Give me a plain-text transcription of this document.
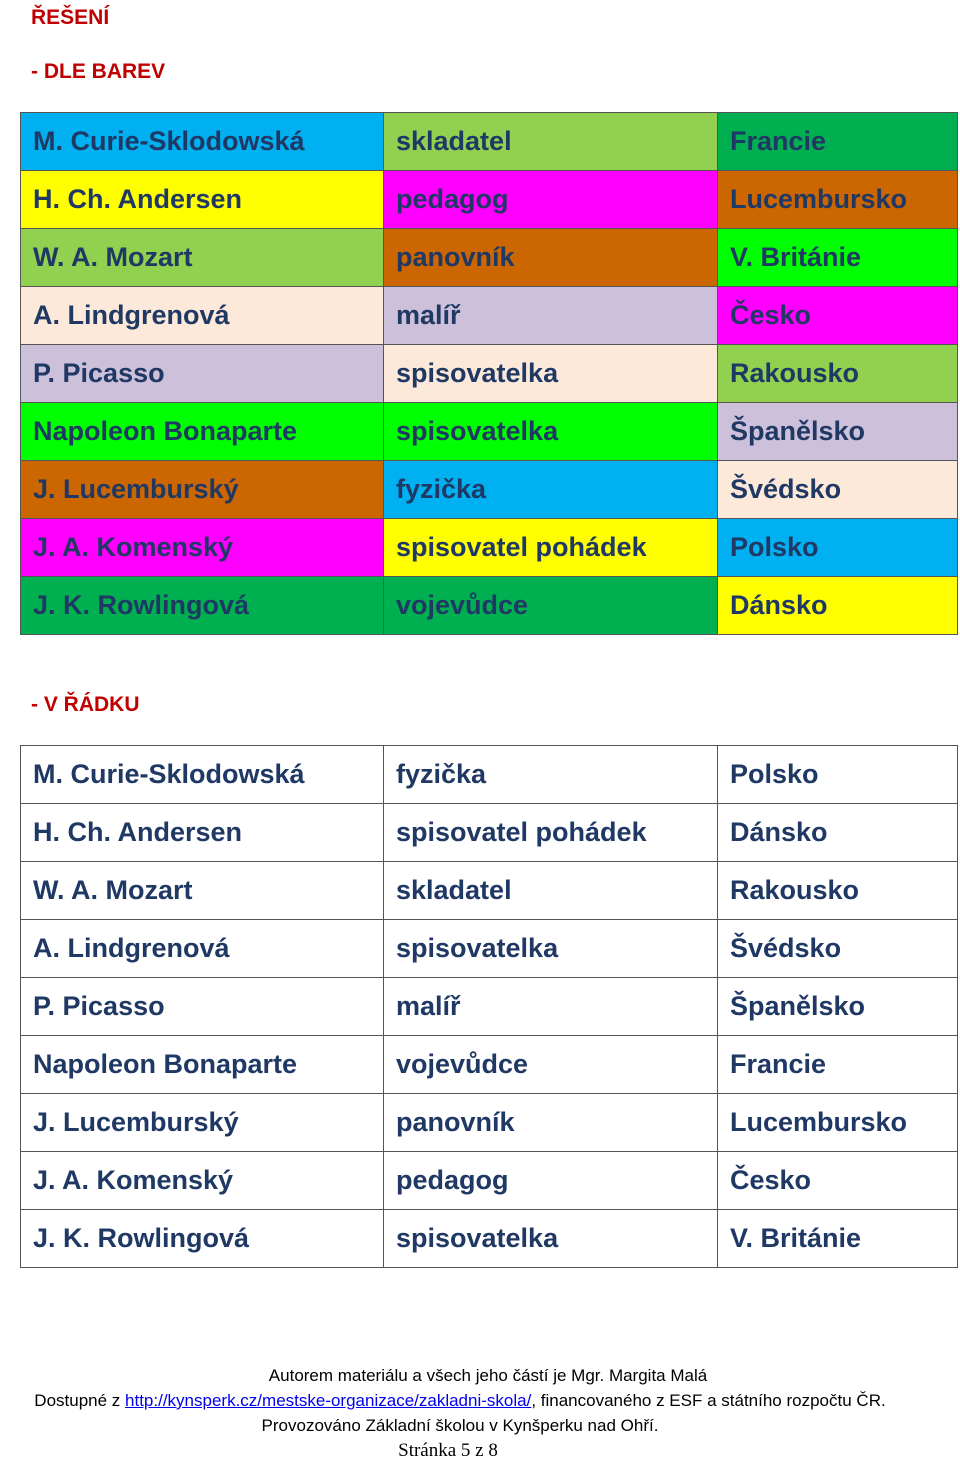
ŘEŠENÍ
- DLE BAREV
M. Curie-Sklodowská	skladatel	Francie
H. Ch. Andersen	pedagog	Lucembursko
W. A. Mozart	panovník	V. Británie
A. Lindgrenová	malíř	Česko
P. Picasso	spisovatelka	Rakousko
Napoleon Bonaparte	spisovatelka	Španělsko
J. Lucemburský	fyzička	Švédsko
J. A. Komenský	spisovatel pohádek	Polsko
J. K. Rowlingová	vojevůdce	Dánsko
- V ŘÁDKU
M. Curie-Sklodowská	fyzička	Polsko
H. Ch. Andersen	spisovatel pohádek	Dánsko
W. A. Mozart	skladatel	Rakousko
A. Lindgrenová	spisovatelka	Švédsko
P. Picasso	malíř	Španělsko
Napoleon Bonaparte	vojevůdce	Francie
J. Lucemburský	panovník	Lucembursko
J. A. Komenský	pedagog	Česko
J. K. Rowlingová	spisovatelka	V. Británie
Autorem materiálu a všech jeho částí je Mgr. Margita Malá
Dostupné z http://kynsperk.cz/mestske-organizace/zakladni-skola/, financovaného z ESF a státního rozpočtu ČR.
Provozováno Základní školou v Kynšperku nad Ohří.
Stránka 5 z 8
